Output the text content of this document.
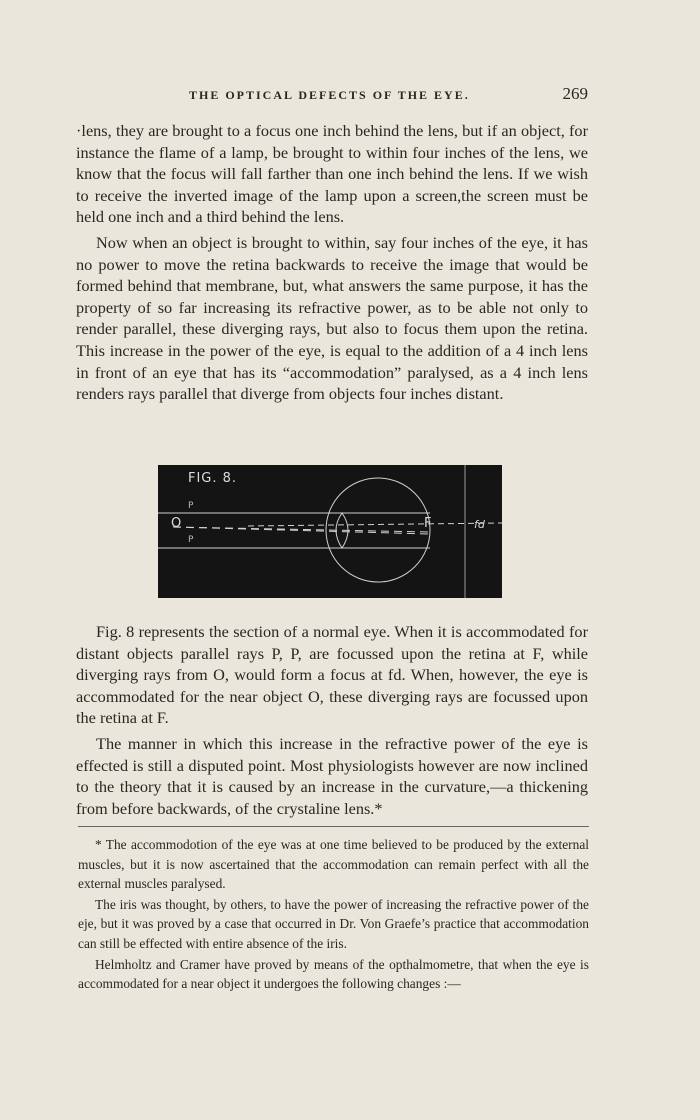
THE OPTICAL DEFECTS OF THE EYE.	269

·lens, they are brought to a focus one inch behind the lens, but if an object, for instance the flame of a lamp, be brought to within four inches of the lens, we know that the focus will fall farther than one inch behind the lens. If we wish to receive the inverted image of the lamp upon a screen,the screen must be held one inch and a third behind the lens.

Now when an object is brought to within, say four inches of the eye, it has no power to move the retina backwards to receive the image that would be formed behind that membrane, but, what answers the same purpose, it has the property of so far increasing its refractive power, as to be able not only to render parallel, these diverging rays, but also to focus them upon the retina. This increase in the power of the eye, is equal to the addition of a 4 inch lens in front of an eye that has its “accommodation” paralysed, as a 4 inch lens renders rays parallel that diverge from objects four inches distant.

FIG. 8.
O	F	fd
P
P

Fig. 8 represents the section of a normal eye. When it is accommodated for distant objects parallel rays P, P, are focussed upon the retina at F, while diverging rays from O, would form a focus at fd. When, however, the eye is accommodated for the near object O, these diverging rays are focussed upon the retina at F.

The manner in which this increase in the refractive power of the eye is effected is still a disputed point. Most physiologists however are now inclined to the theory that it is caused by an increase in the curvature,—a thickening from before backwards, of the crystaline lens.*

* The accommodotion of the eye was at one time believed to be produced by the external muscles, but it is now ascertained that the accommodation can remain perfect with all the external muscles paralysed.

The iris was thought, by others, to have the power of increasing the refractive power of the eje, but it was proved by a case that occurred in Dr. Von Graefe’s practice that accommodation can still be effected with entire absence of the iris.

Helmholtz and Cramer have proved by means of the opthalmometre, that when the eye is accommodated for a near object it undergoes the following changes :—
